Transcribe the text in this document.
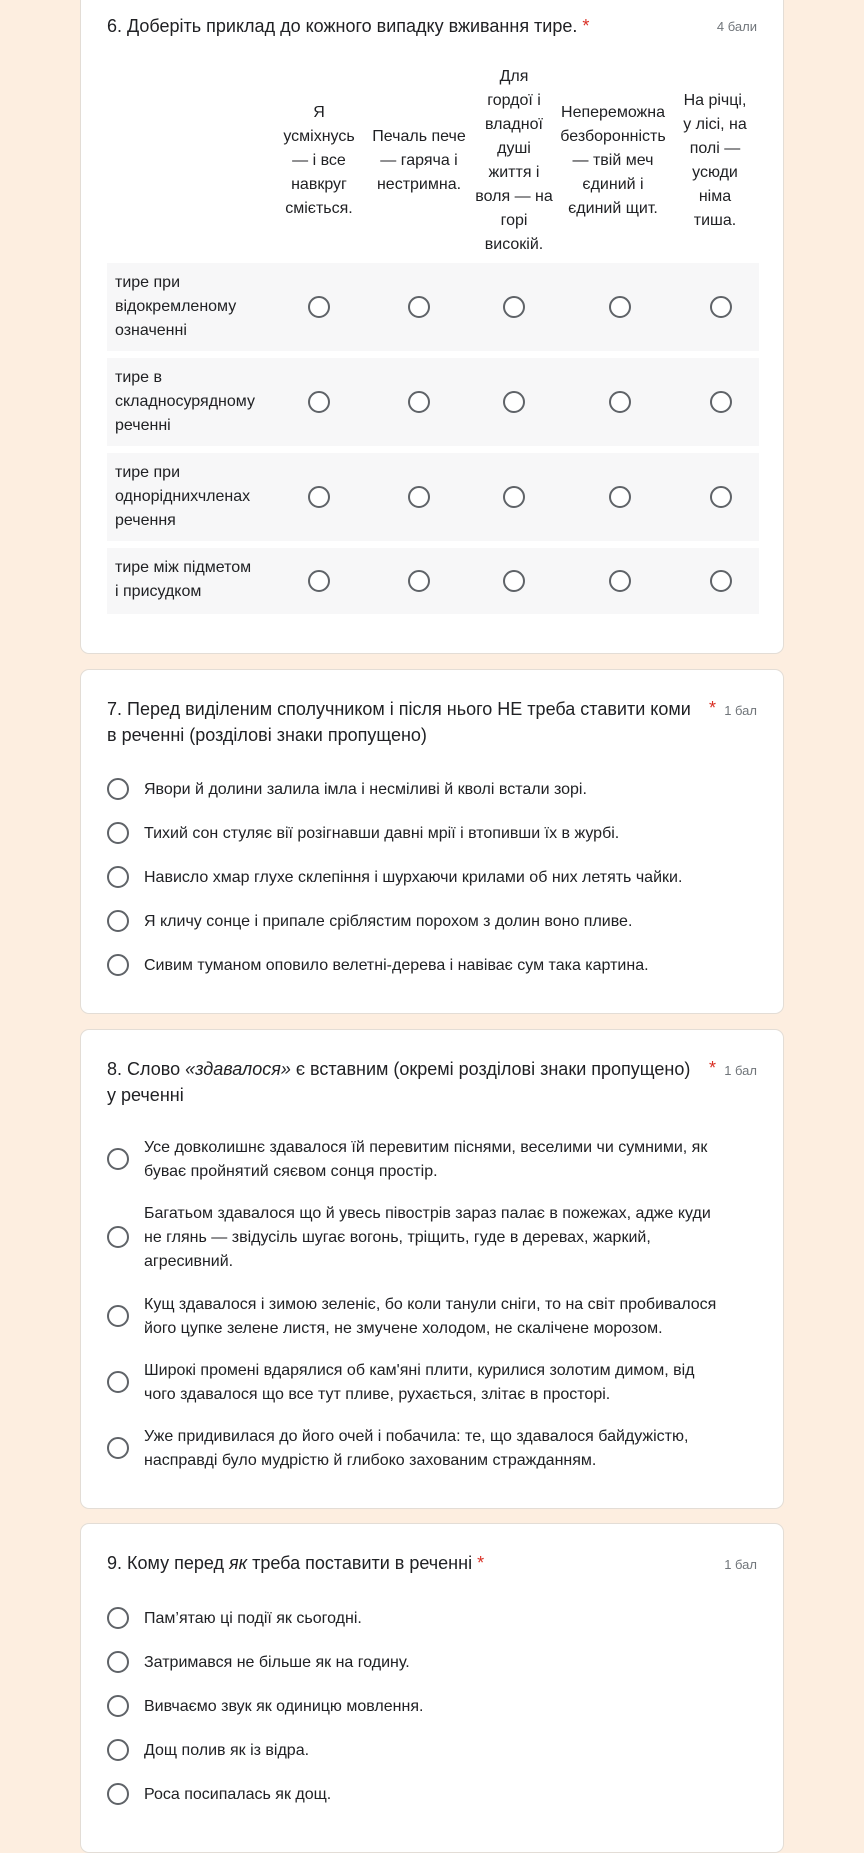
6. Доберіть приклад до кожного випадку вживання тире. *	4 бали
Я
усміхнусь
— і все
навкруг
сміється.
Печаль пече
— гаряча і
нестримна.
Для
гордої і
владної
душі
життя і
воля — на
горі
високій.
Непереможна
безборонність
— твій меч
єдиний і
єдиний щит.
На річці,
у лісі, на
полі —
усюди
німа
тиша.
тире при
відокремленому
означенні
тире в
складносурядному
реченні
тире при
одноріднихчленах
речення
тире між підметом
і присудком
7. Перед виділеним сполучником і після нього НЕ треба ставити коми
в реченні (розділові знаки пропущено)
* 1 бал
Явори й долини залила імла і несміливі й кволі встали зорі.
Тихий сон стуляє вії розігнавши давні мрії і втопивши їх в журбі.
Нависло хмар глухе склепіння і шурхаючи крилами об них летять чайки.
Я кличу сонце і припале сріблястим порохом з долин воно пливе.
Сивим туманом оповило велетні-дерева і навіває сум така картина.
8. Слово «здавалося» є вставним (окремі розділові знаки пропущено)
у реченні
* 1 бал
Усе довколишнє здавалося їй перевитим піснями, веселими чи сумними, як
буває пройнятий сяєвом сонця простір.
Багатьом здавалося що й увесь півострів зараз палає в пожежах, адже куди
не глянь — звідусіль шугає вогонь, тріщить, гуде в деревах, жаркий,
агресивний.
Кущ здавалося і зимою зеленіє, бо коли танули сніги, то на світ пробивалося
його цупке зелене листя, не змучене холодом, не скалічене морозом.
Широкі промені вдарялися об кам'яні плити, курилися золотим димом, від
чого здавалося що все тут пливе, рухається, злітає в просторі.
Уже придивилася до його очей і побачила: те, що здавалося байдужістю,
насправді було мудрістю й глибоко захованим стражданням.
9. Кому перед як треба поставити в реченні *	1 бал
Пам’ятаю ці події як сьогодні.
Затримався не більше як на годину.
Вивчаємо звук як одиницю мовлення.
Дощ полив як із відра.
Роса посипалась як дощ.
